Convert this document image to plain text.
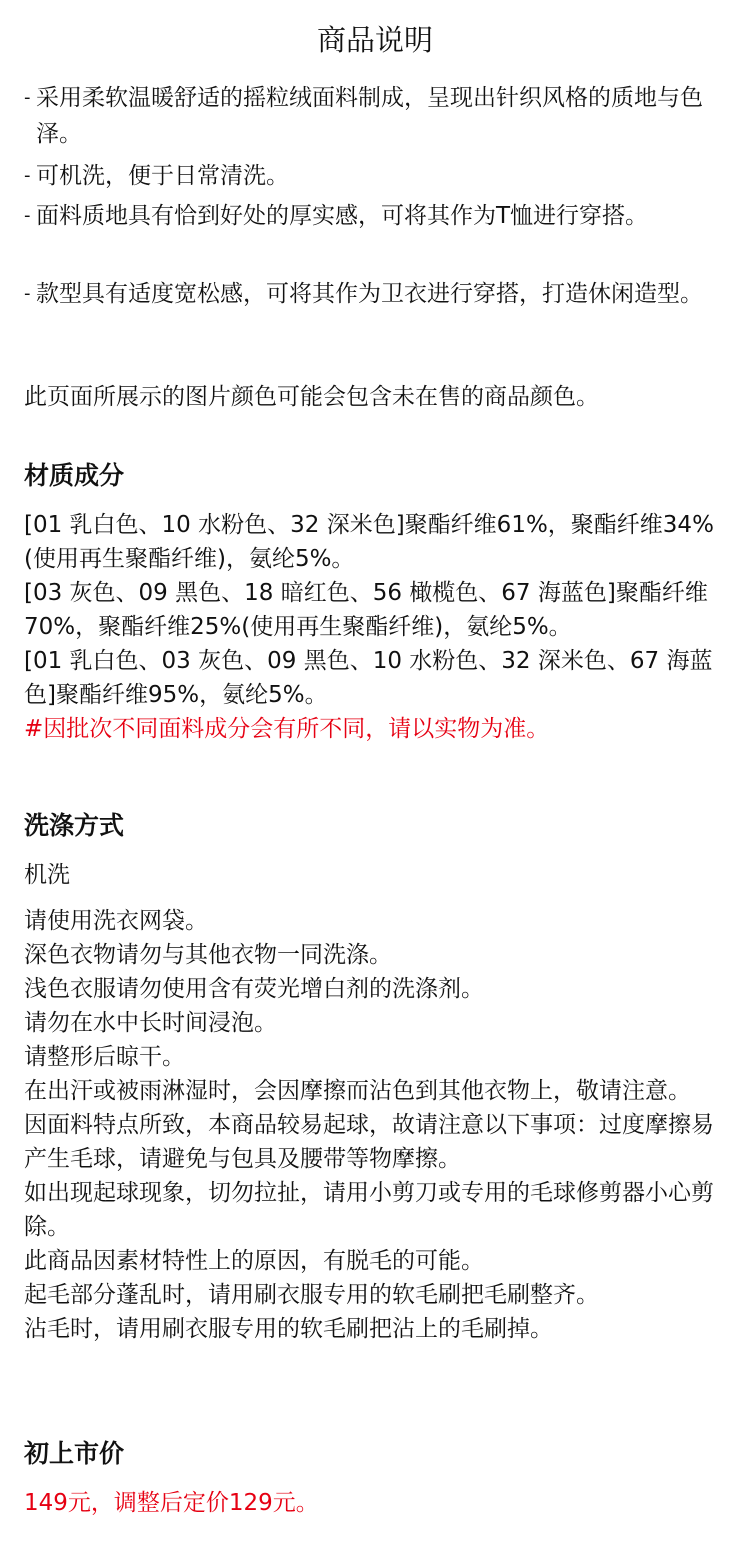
商品说明
- 采用柔软温暖舒适的摇粒绒面料制成，呈现出针织风格的质地与色泽。
- 可机洗，便于日常清洗。
- 面料质地具有恰到好处的厚实感，可将其作为T恤进行穿搭。
- 款型具有适度宽松感，可将其作为卫衣进行穿搭，打造休闲造型。
此页面所展示的图片颜色可能会包含未在售的商品颜色。
材质成分
[01 乳白色、10 水粉色、32 深米色]聚酯纤维61%，聚酯纤维34%(使用再生聚酯纤维)，氨纶5%。
[03 灰色、09 黑色、18 暗红色、56 橄榄色、67 海蓝色]聚酯纤维70%，聚酯纤维25%(使用再生聚酯纤维)，氨纶5%。
[01 乳白色、03 灰色、09 黑色、10 水粉色、32 深米色、67 海蓝色]聚酯纤维95%，氨纶5%。
#因批次不同面料成分会有所不同，请以实物为准。
洗涤方式
机洗
请使用洗衣网袋。
深色衣物请勿与其他衣物一同洗涤。
浅色衣服请勿使用含有荧光增白剂的洗涤剂。
请勿在水中长时间浸泡。
请整形后晾干。
在出汗或被雨淋湿时，会因摩擦而沾色到其他衣物上，敬请注意。
因面料特点所致，本商品较易起球，故请注意以下事项：过度摩擦易产生毛球，请避免与包具及腰带等物摩擦。
如出现起球现象，切勿拉扯，请用小剪刀或专用的毛球修剪器小心剪除。
此商品因素材特性上的原因，有脱毛的可能。
起毛部分蓬乱时，请用刷衣服专用的软毛刷把毛刷整齐。
沾毛时，请用刷衣服专用的软毛刷把沾上的毛刷掉。
初上市价
149元，调整后定价129元。
